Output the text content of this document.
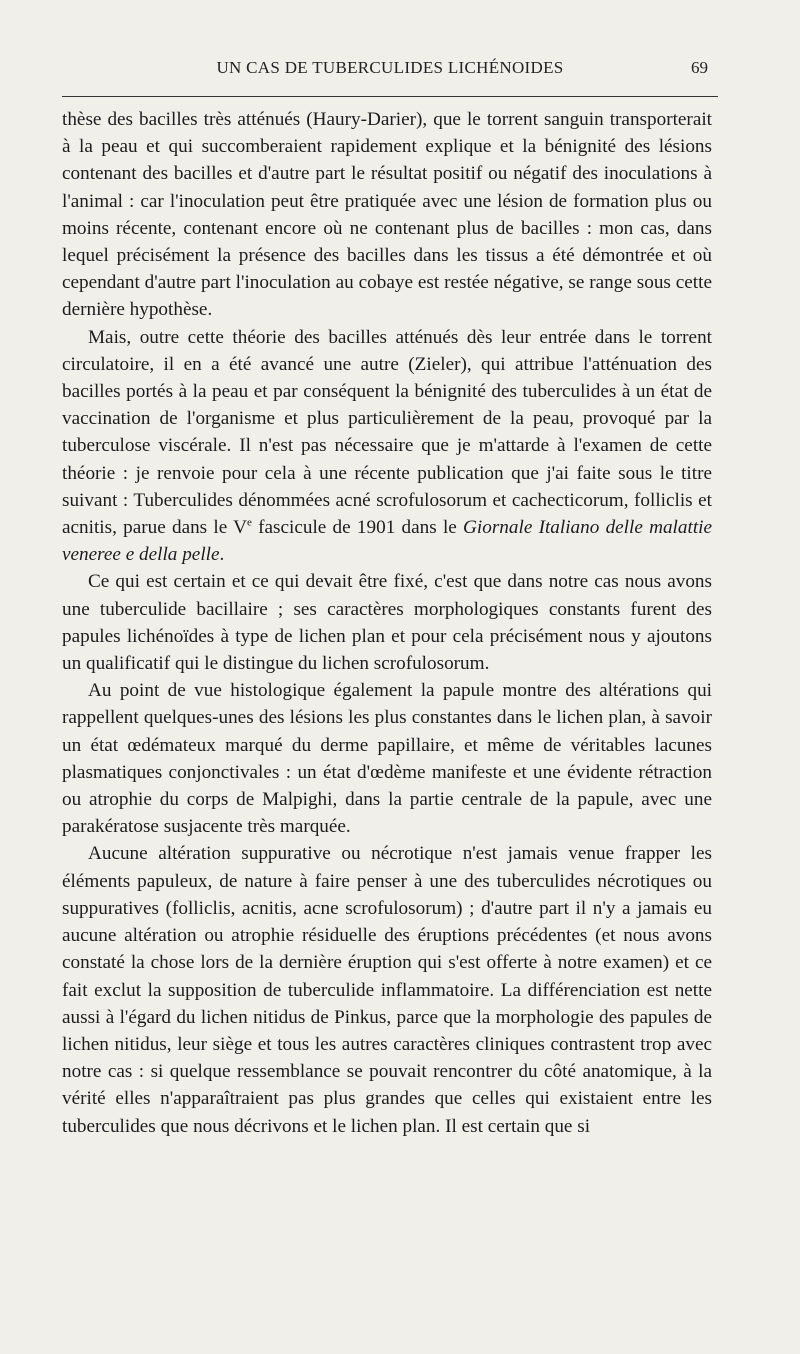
UN CAS DE TUBERCULIDES LICHÉNOIDES	69

thèse des bacilles très atténués (Haury-Darier), que le torrent sanguin transporterait à la peau et qui succomberaient rapidement explique et la bénignité des lésions contenant des bacilles et d'autre part le résultat positif ou négatif des inoculations à l'animal : car l'inoculation peut être pratiquée avec une lésion de formation plus ou moins récente, contenant encore où ne contenant plus de bacilles : mon cas, dans lequel précisément la présence des bacilles dans les tissus a été démontrée et où cependant d'autre part l'inoculation au cobaye est restée négative, se range sous cette dernière hypothèse.

Mais, outre cette théorie des bacilles atténués dès leur entrée dans le torrent circulatoire, il en a été avancé une autre (Zieler), qui attribue l'atténuation des bacilles portés à la peau et par conséquent la bénignité des tuberculides à un état de vaccination de l'organisme et plus particulièrement de la peau, provoqué par la tuberculose viscérale. Il n'est pas nécessaire que je m'attarde à l'examen de cette théorie : je renvoie pour cela à une récente publication que j'ai faite sous le titre suivant : Tuberculides dénommées acné scrofulosorum et cachecticorum, folliclis et acnitis, parue dans le Ve fascicule de 1901 dans le Giornale Italiano delle malattie veneree e della pelle.

Ce qui est certain et ce qui devait être fixé, c'est que dans notre cas nous avons une tuberculide bacillaire ; ses caractères morphologiques constants furent des papules lichénoïdes à type de lichen plan et pour cela précisément nous y ajoutons un qualificatif qui le distingue du lichen scrofulosorum.

Au point de vue histologique également la papule montre des altérations qui rappellent quelques-unes des lésions les plus constantes dans le lichen plan, à savoir un état œdémateux marqué du derme papillaire, et même de véritables lacunes plasmatiques conjonctivales : un état d'œdème manifeste et une évidente rétraction ou atrophie du corps de Malpighi, dans la partie centrale de la papule, avec une parakératose susjacente très marquée.

Aucune altération suppurative ou nécrotique n'est jamais venue frapper les éléments papuleux, de nature à faire penser à une des tuberculides nécrotiques ou suppuratives (folliclis, acnitis, acne scrofulosorum) ; d'autre part il n'y a jamais eu aucune altération ou atrophie résiduelle des éruptions précédentes (et nous avons constaté la chose lors de la dernière éruption qui s'est offerte à notre examen) et ce fait exclut la supposition de tuberculide inflammatoire. La différenciation est nette aussi à l'égard du lichen nitidus de Pinkus, parce que la morphologie des papules de lichen nitidus, leur siège et tous les autres caractères cliniques contrastent trop avec notre cas : si quelque ressemblance se pouvait rencontrer du côté anatomique, à la vérité elles n'apparaîtraient pas plus grandes que celles qui existaient entre les tuberculides que nous décrivons et le lichen plan. Il est certain que si
